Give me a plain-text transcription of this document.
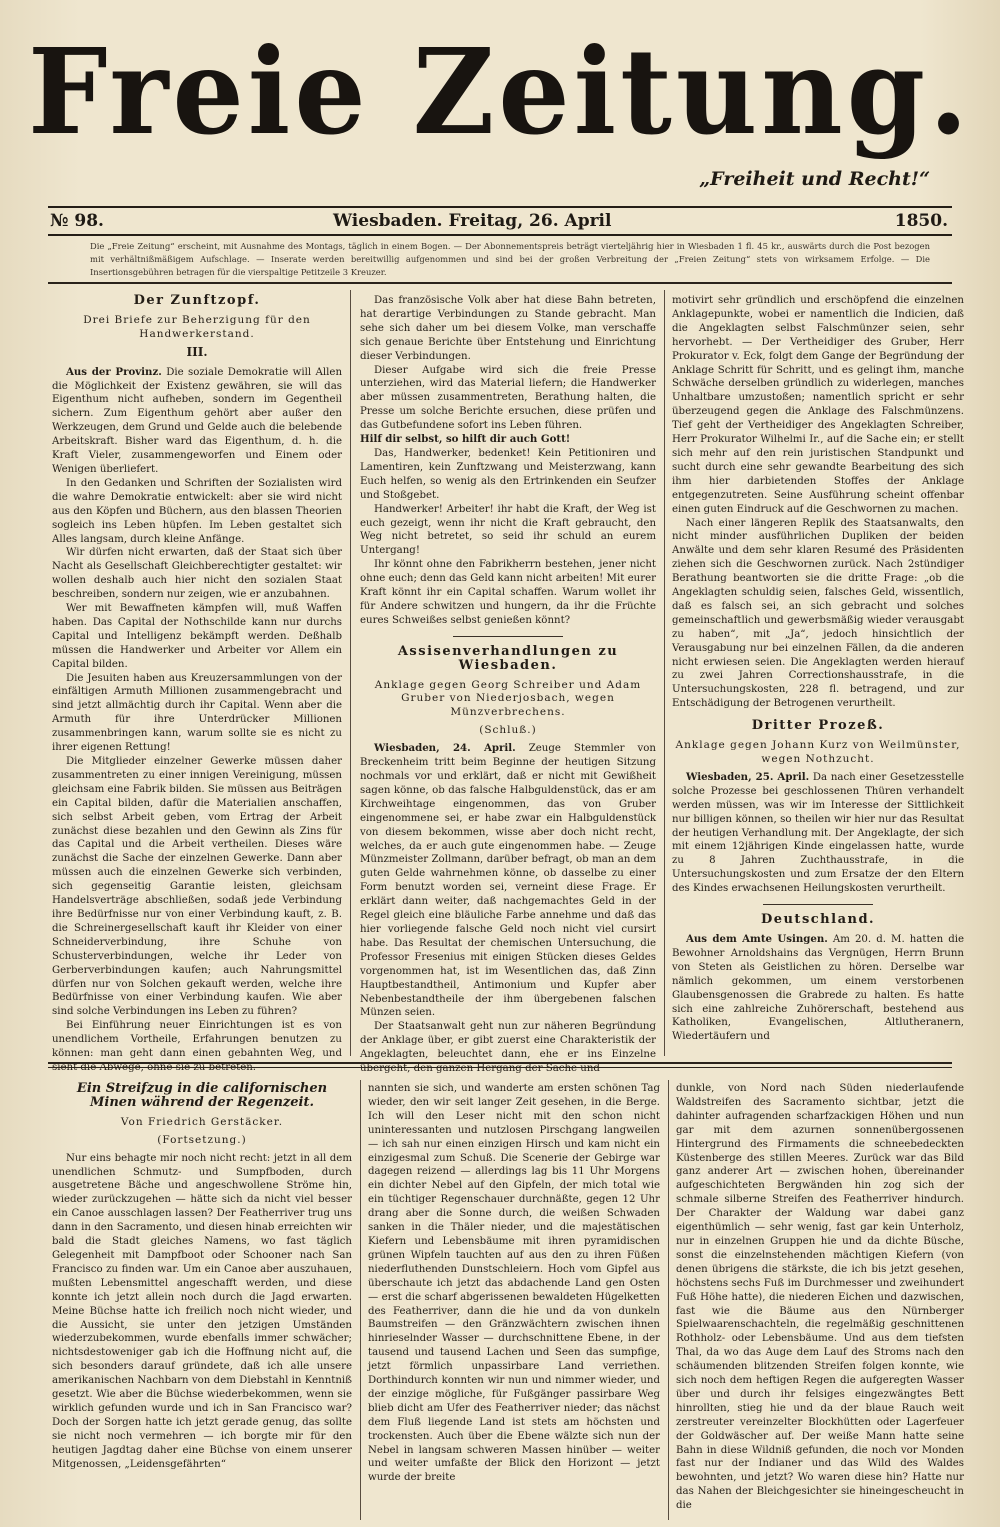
Freie Zeitung.
„Freiheit und Recht!“
№ 98.	Wiesbaden. Freitag, 26. April	1850.
Die „Freie Zeitung“ erscheint, mit Ausnahme des Montags, täglich in einem Bogen. — Der Abonnementspreis beträgt vierteljährig hier in Wiesbaden 1 fl. 45 kr., auswärts durch die Post bezogen mit verhältnißmäßigem Aufschlage. — Inserate werden bereitwillig aufgenommen und sind bei der großen Verbreitung der „Freien Zeitung“ stets von wirksamem Erfolge. — Die Insertionsgebühren betragen für die vierspaltige Petitzeile 3 Kreuzer.
Der Zunftzopf.
Drei Briefe zur Beherzigung für den Handwerkerstand.
III.

Aus der Provinz. Die soziale Demokratie will Allen die Möglichkeit der Existenz gewähren, sie will das Eigenthum nicht aufheben, sondern im Gegentheil sichern. Zum Eigenthum gehört aber außer den Werkzeugen, dem Grund und Gelde auch die belebende Arbeitskraft. Bisher ward das Eigenthum, d. h. die Kraft Vieler, zusammengeworfen und Einem oder Wenigen überliefert.

In den Gedanken und Schriften der Sozialisten wird die wahre Demokratie entwickelt: aber sie wird nicht aus den Köpfen und Büchern, aus den blassen Theorien sogleich ins Leben hüpfen. Im Leben gestaltet sich Alles langsam, durch kleine Anfänge.

Wir dürfen nicht erwarten, daß der Staat sich über Nacht als Gesellschaft Gleichberechtigter gestaltet: wir wollen deshalb auch hier nicht den sozialen Staat beschreiben, sondern nur zeigen, wie er anzubahnen.

Wer mit Bewaffneten kämpfen will, muß Waffen haben. Das Capital der Nothschilde kann nur durchs Capital und Intelligenz bekämpft werden. Deßhalb müssen die Handwerker und Arbeiter vor Allem ein Capital bilden.

Die Jesuiten haben aus Kreuzersammlungen von der einfältigen Armuth Millionen zusammengebracht und sind jetzt allmächtig durch ihr Capital. Wenn aber die Armuth für ihre Unterdrücker Millionen zusammenbringen kann, warum sollte sie es nicht zu ihrer eigenen Rettung!

Die Mitglieder einzelner Gewerke müssen daher zusammentreten zu einer innigen Vereinigung, müssen gleichsam eine Fabrik bilden. Sie müssen aus Beiträgen ein Capital bilden, dafür die Materialien anschaffen, sich selbst Arbeit geben, vom Ertrag der Arbeit zunächst diese bezahlen und den Gewinn als Zins für das Capital und die Arbeit vertheilen. Dieses wäre zunächst die Sache der einzelnen Gewerke. Dann aber müssen auch die einzelnen Gewerke sich verbinden, sich gegenseitig Garantie leisten, gleichsam Handelsverträge abschließen, sodaß jede Verbindung ihre Bedürfnisse nur von einer Verbindung kauft, z. B. die Schreinergesellschaft kauft ihr Kleider von einer Schneiderverbindung, ihre Schuhe von Schusterverbindungen, welche ihr Leder von Gerberverbindungen kaufen; auch Nahrungsmittel dürfen nur von Solchen gekauft werden, welche ihre Bedürfnisse von einer Verbindung kaufen. Wie aber sind solche Verbindungen ins Leben zu führen?

Bei Einführung neuer Einrichtungen ist es von unendlichem Vortheile, Erfahrungen benutzen zu können: man geht dann einen gebahnten Weg, und sieht die Abwege, ohne sie zu betreten.

Das französische Volk aber hat diese Bahn betreten, hat derartige Verbindungen zu Stande gebracht. Man sehe sich daher um bei diesem Volke, man verschaffe sich genaue Berichte über Entstehung und Einrichtung dieser Verbindungen.

Dieser Aufgabe wird sich die freie Presse unterziehen, wird das Material liefern; die Handwerker aber müssen zusammentreten, Berathung halten, die Presse um solche Berichte ersuchen, diese prüfen und das Gutbefundene sofort ins Leben führen.

Hilf dir selbst, so hilft dir auch Gott!

Das, Handwerker, bedenket! Kein Petitioniren und Lamentiren, kein Zunftzwang und Meisterzwang, kann Euch helfen, so wenig als den Ertrinkenden ein Seufzer und Stoßgebet.

Handwerker! Arbeiter! ihr habt die Kraft, der Weg ist euch gezeigt, wenn ihr nicht die Kraft gebraucht, den Weg nicht betretet, so seid ihr schuld an eurem Untergang!

Ihr könnt ohne den Fabrikherrn bestehen, jener nicht ohne euch; denn das Geld kann nicht arbeiten! Mit eurer Kraft könnt ihr ein Capital schaffen. Warum wollet ihr für Andere schwitzen und hungern, da ihr die Früchte eures Schweißes selbst genießen könnt?

Assisenverhandlungen zu Wiesbaden.
Anklage gegen Georg Schreiber und Adam Gruber von Niederjosbach, wegen Münzverbrechens.
(Schluß.)

Wiesbaden, 24. April. Zeuge Stemmler von Breckenheim tritt beim Beginne der heutigen Sitzung nochmals vor und erklärt, daß er nicht mit Gewißheit sagen könne, ob das falsche Halbguldenstück, das er am Kirchweihtage eingenommen, das von Gruber eingenommene sei, er habe zwar ein Halbguldenstück von diesem bekommen, wisse aber doch nicht recht, welches, da er auch gute eingenommen habe. — Zeuge Münzmeister Zollmann, darüber befragt, ob man an dem guten Gelde wahrnehmen könne, ob dasselbe zu einer Form benutzt worden sei, verneint diese Frage. Er erklärt dann weiter, daß nachgemachtes Geld in der Regel gleich eine bläuliche Farbe annehme und daß das hier vorliegende falsche Geld noch nicht viel cursirt habe. Das Resultat der chemischen Untersuchung, die Professor Fresenius mit einigen Stücken dieses Geldes vorgenommen hat, ist im Wesentlichen das, daß Zinn Hauptbestandtheil, Antimonium und Kupfer aber Nebenbestandtheile der ihm übergebenen falschen Münzen seien.

Der Staatsanwalt geht nun zur näheren Begründung der Anklage über, er gibt zuerst eine Charakteristik der Angeklagten, beleuchtet dann, ehe er ins Einzelne übergeht, den ganzen Hergang der Sache und

motivirt sehr gründlich und erschöpfend die einzelnen Anklagepunkte, wobei er namentlich die Indicien, daß die Angeklagten selbst Falschmünzer seien, sehr hervorhebt. — Der Vertheidiger des Gruber, Herr Prokurator v. Eck, folgt dem Gange der Begründung der Anklage Schritt für Schritt, und es gelingt ihm, manche Schwäche derselben gründlich zu widerlegen, manches Unhaltbare umzustoßen; namentlich spricht er sehr überzeugend gegen die Anklage des Falschmünzens. Tief geht der Vertheidiger des Angeklagten Schreiber, Herr Prokurator Wilhelmi Ir., auf die Sache ein; er stellt sich mehr auf den rein juristischen Standpunkt und sucht durch eine sehr gewandte Bearbeitung des sich ihm hier darbietenden Stoffes der Anklage entgegenzutreten. Seine Ausführung scheint offenbar einen guten Eindruck auf die Geschwornen zu machen.

Nach einer längeren Replik des Staatsanwalts, den nicht minder ausführlichen Dupliken der beiden Anwälte und dem sehr klaren Resumé des Präsidenten ziehen sich die Geschwornen zurück. Nach 2stündiger Berathung beantworten sie die dritte Frage: „ob die Angeklagten schuldig seien, falsches Geld, wissentlich, daß es falsch sei, an sich gebracht und solches gemeinschaftlich und gewerbsmäßig wieder verausgabt zu haben“, mit „Ja“, jedoch hinsichtlich der Verausgabung nur bei einzelnen Fällen, da die anderen nicht erwiesen seien. Die Angeklagten werden hierauf zu zwei Jahren Correctionshausstrafe, in die Untersuchungskosten, 228 fl. betragend, und zur Entschädigung der Betrogenen verurtheilt.

Dritter Prozeß.
Anklage gegen Johann Kurz von Weilmünster, wegen Nothzucht.

Wiesbaden, 25. April. Da nach einer Gesetzesstelle solche Prozesse bei geschlossenen Thüren verhandelt werden müssen, was wir im Interesse der Sittlichkeit nur billigen können, so theilen wir hier nur das Resultat der heutigen Verhandlung mit. Der Angeklagte, der sich mit einem 12jährigen Kinde eingelassen hatte, wurde zu 8 Jahren Zuchthausstrafe, in die Untersuchungskosten und zum Ersatze der den Eltern des Kindes erwachsenen Heilungskosten verurtheilt.

Deutschland.

Aus dem Amte Usingen. Am 20. d. M. hatten die Bewohner Arnoldshains das Vergnügen, Herrn Brunn von Steten als Geistlichen zu hören. Derselbe war nämlich gekommen, um einem verstorbenen Glaubensgenossen die Grabrede zu halten. Es hatte sich eine zahlreiche Zuhörerschaft, bestehend aus Katholiken, Evangelischen, Altlutheranern, Wiedertäufern und

Ein Streifzug in die californischen Minen während der Regenzeit.
Von Friedrich Gerstäcker.
(Fortsetzung.)

Nur eins behagte mir noch nicht recht: jetzt in all dem unendlichen Schmutz- und Sumpfboden, durch ausgetretene Bäche und angeschwollene Ströme hin, wieder zurückzugehen — hätte sich da nicht viel besser ein Canoe ausschlagen lassen? Der Featherriver trug uns dann in den Sacramento, und diesen hinab erreichten wir bald die Stadt gleiches Namens, wo fast täglich Gelegenheit mit Dampfboot oder Schooner nach San Francisco zu finden war. Um ein Canoe aber auszuhauen, mußten Lebensmittel angeschafft werden, und diese konnte ich jetzt allein noch durch die Jagd erwarten. Meine Büchse hatte ich freilich noch nicht wieder, und die Aussicht, sie unter den jetzigen Umständen wiederzubekommen, wurde ebenfalls immer schwächer; nichtsdestoweniger gab ich die Hoffnung nicht auf, die sich besonders darauf gründete, daß ich alle unsere amerikanischen Nachbarn von dem Diebstahl in Kenntniß gesetzt. Wie aber die Büchse wiederbekommen, wenn sie wirklich gefunden wurde und ich in San Francisco war? Doch der Sorgen hatte ich jetzt gerade genug, das sollte sie nicht noch vermehren — ich borgte mir für den heutigen Jagdtag daher eine Büchse von einem unserer Mitgenossen, „Leidensgefährten“

nannten sie sich, und wanderte am ersten schönen Tag wieder, den wir seit langer Zeit gesehen, in die Berge. Ich will den Leser nicht mit den schon nicht uninteressanten und nutzlosen Pirschgang langweilen — ich sah nur einen einzigen Hirsch und kam nicht ein einzigesmal zum Schuß. Die Scenerie der Gebirge war dagegen reizend — allerdings lag bis 11 Uhr Morgens ein dichter Nebel auf den Gipfeln, der mich total wie ein tüchtiger Regenschauer durchnäßte, gegen 12 Uhr drang aber die Sonne durch, die weißen Schwaden sanken in die Thäler nieder, und die majestätischen Kiefern und Lebensbäume mit ihren pyramidischen grünen Wipfeln tauchten auf aus den zu ihren Füßen niederfluthenden Dunstschleiern. Hoch vom Gipfel aus überschaute ich jetzt das abdachende Land gen Osten — erst die scharf abgerissenen bewaldeten Hügelketten des Featherriver, dann die hie und da von dunkeln Baumstreifen — den Gränzwächtern zwischen ihnen hinrieselnder Wasser — durchschnittene Ebene, in der tausend und tausend Lachen und Seen das sumpfige, jetzt förmlich unpassirbare Land verriethen. Dorthindurch konnten wir nun und nimmer wieder, und der einzige mögliche, für Fußgänger passirbare Weg blieb dicht am Ufer des Featherriver nieder; das nächst dem Fluß liegende Land ist stets am höchsten und trockensten. Auch über die Ebene wälzte sich nun der Nebel in langsam schweren Massen hinüber — weiter und weiter umfaßte der Blick den Horizont — jetzt wurde der breite

dunkle, von Nord nach Süden niederlaufende Waldstreifen des Sacramento sichtbar, jetzt die dahinter aufragenden scharfzackigen Höhen und nun gar mit dem azurnen sonnenübergossenen Hintergrund des Firmaments die schneebedeckten Küstenberge des stillen Meeres. Zurück war das Bild ganz anderer Art — zwischen hohen, übereinander aufgeschichteten Bergwänden hin zog sich der schmale silberne Streifen des Featherriver hindurch. Der Charakter der Waldung war dabei ganz eigenthümlich — sehr wenig, fast gar kein Unterholz, nur in einzelnen Gruppen hie und da dichte Büsche, sonst die einzelnstehenden mächtigen Kiefern (von denen übrigens die stärkste, die ich bis jetzt gesehen, höchstens sechs Fuß im Durchmesser und zweihundert Fuß Höhe hatte), die niederen Eichen und dazwischen, fast wie die Bäume aus den Nürnberger Spielwaarenschachteln, die regelmäßig geschnittenen Rothholz- oder Lebensbäume. Und aus dem tiefsten Thal, da wo das Auge dem Lauf des Stroms nach den schäumenden blitzenden Streifen folgen konnte, wie sich noch dem heftigen Regen die aufgeregten Wasser über und durch ihr felsiges eingezwängtes Bett hinrollten, stieg hie und da der blaue Rauch weit zerstreuter vereinzelter Blockhütten oder Lagerfeuer der Goldwäscher auf. Der weiße Mann hatte seine Bahn in diese Wildniß gefunden, die noch vor Monden fast nur der Indianer und das Wild des Waldes bewohnten, und jetzt? Wo waren diese hin? Hatte nur das Nahen der Bleichgesichter sie hineingescheucht in die
